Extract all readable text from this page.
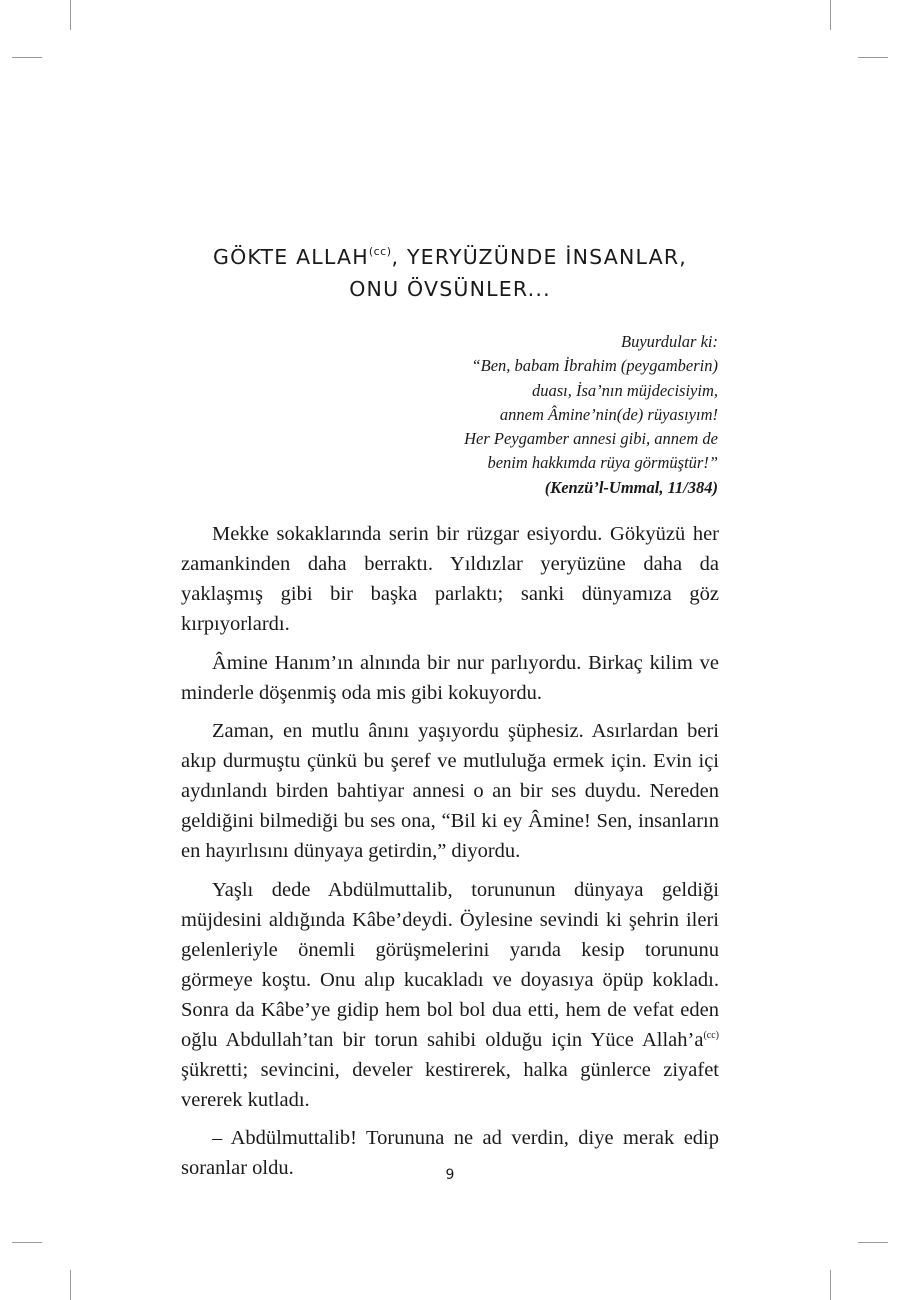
GÖKTE $ALLAH^{(cc)}$, YERYÜZÜNDE İNSANLAR,
ONU ÖVSÜNLER...
Buyurdular ki:
“Ben, babam İbrahim (peygamberin)
duası, İsa’nın müjdecisiyim,
annem Âmine’nin(de) rüyasıyım!
Her Peygamber annesi gibi, annem de
benim hakkımda rüya görmüştür!”
(Kenzü’l-Ummal, 11/384)

Mekke sokaklarında serin bir rüzgar esiyordu. Gökyüzü her zamankinden daha berraktı. Yıldızlar yeryüzüne daha da yaklaşmış gibi bir başka parlaktı; sanki dünyamıza göz kırpıyorlardı.

Âmine Hanım’ın alnında bir nur parlıyordu. Birkaç kilim ve minderle döşenmiş oda mis gibi kokuyordu.

Zaman, en mutlu ânını yaşıyordu şüphesiz. Asırlardan beri akıp durmuştu çünkü bu şeref ve mutluluğa ermek için. Evin içi aydınlandı birden bahtiyar annesi o an bir ses duydu. Nereden geldiğini bilmediği bu ses ona, “Bil ki ey Âmine! Sen, insanların en hayırlısını dünyaya getirdin,” diyordu.

Yaşlı dede Abdülmuttalib, torununun dünyaya geldiği müjdesini aldığında Kâbe’deydi. Öylesine sevindi ki şehrin ileri gelenleriyle önemli görüşmelerini yarıda kesip torununu görmeye koştu. Onu alıp kucakladı ve doyasıya öpüp kokladı. Sonra da Kâbe’ye gidip hem bol bol dua etti, hem de vefat eden oğlu Abdullah’tan bir torun sahibi olduğu için Yüce $Allah’a^{(cc)}$ şükretti; sevincini, develer kestirerek, halka günlerce ziyafet vererek kutladı.

– Abdülmuttalib! Torununa ne ad verdin, diye merak edip soranlar oldu.	9
